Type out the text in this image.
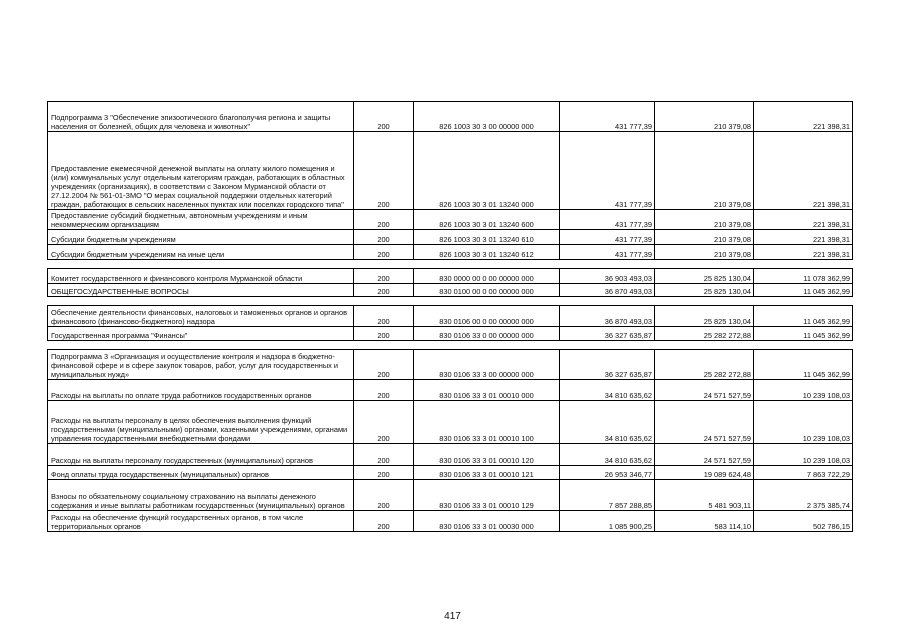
Подпрограмма 3 "Обеспечение эпизоотического благополучия региона и защиты населения от болезней, общих для человека и животных"	200	826 1003 30 3 00 00000 000	431 777,39	210 379,08	221 398,31
Предоставление ежемесячной денежной выплаты на оплату жилого помещения и (или) коммунальных услуг отдельным категориям граждан, работающих в областных учреждениях (организациях), в соответствии с Законом Мурманской области от 27.12.2004 № 561-01-ЗМО "О мерах социальной поддержки отдельных категорий граждан, работающих в сельских населенных пунктах или поселках городского типа"	200	826 1003 30 3 01 13240 000	431 777,39	210 379,08	221 398,31
Предоставление субсидий бюджетным, автономным учреждениям и иным некоммерческим организациям	200	826 1003 30 3 01 13240 600	431 777,39	210 379,08	221 398,31
Субсидии бюджетным учреждениям	200	826 1003 30 3 01 13240 610	431 777,39	210 379,08	221 398,31
Субсидии бюджетным учреждениям на иные цели	200	826 1003 30 3 01 13240 612	431 777,39	210 379,08	221 398,31

Комитет государственного и финансового контроля Мурманской области	200	830 0000 00 0 00 00000 000	36 903 493,03	25 825 130,04	11 078 362,99
ОБЩЕГОСУДАРСТВЕННЫЕ ВОПРОСЫ	200	830 0100 00 0 00 00000 000	36 870 493,03	25 825 130,04	11 045 362,99

Обеспечение деятельности финансовых, налоговых и таможенных органов и органов финансового (финансово-бюджетного) надзора	200	830 0106 00 0 00 00000 000	36 870 493,03	25 825 130,04	11 045 362,99
Государственная программа "Финансы"	200	830 0106 33 0 00 00000 000	36 327 635,87	25 282 272,88	11 045 362,99

Подпрограмма 3 «Организация и осуществление контроля и надзора в бюджетно-финансовой сфере и в сфере закупок товаров, работ, услуг для государственных и муниципальных нужд»	200	830 0106 33 3 00 00000 000	36 327 635,87	25 282 272,88	11 045 362,99
Расходы на выплаты по оплате труда работников государственных органов	200	830 0106 33 3 01 00010 000	34 810 635,62	24 571 527,59	10 239 108,03
Расходы на выплаты персоналу в целях обеспечения выполнения функций государственными (муниципальными) органами, казенными учреждениями, органами управления государственными внебюджетными фондами	200	830 0106 33 3 01 00010 100	34 810 635,62	24 571 527,59	10 239 108,03
Расходы на выплаты персоналу государственных (муниципальных) органов	200	830 0106 33 3 01 00010 120	34 810 635,62	24 571 527,59	10 239 108,03
Фонд оплаты труда государственных (муниципальных) органов	200	830 0106 33 3 01 00010 121	26 953 346,77	19 089 624,48	7 863 722,29
Взносы по обязательному социальному страхованию на выплаты денежного содержания и иные выплаты работникам государственных (муниципальных) органов	200	830 0106 33 3 01 00010 129	7 857 288,85	5 481 903,11	2 375 385,74
Расходы на обеспечение функций государственных органов, в том числе территориальных органов	200	830 0106 33 3 01 00030 000	1 085 900,25	583 114,10	502 786,15
417
